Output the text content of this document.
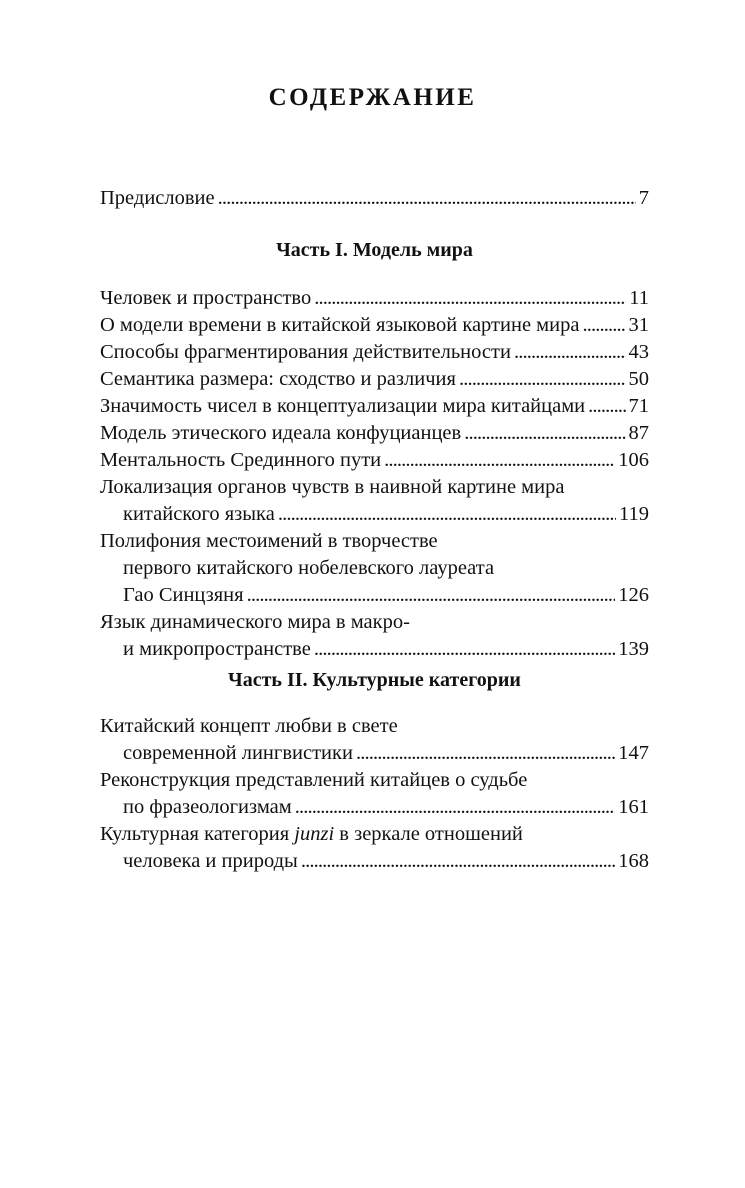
СОДЕРЖАНИЕ
Предисловие . . .	7
Часть I. Модель мира
Человек и пространство . . .	11
О модели времени в китайской языковой картине мира . . . 31
Способы фрагментирования действительности . . .	43
Семантика размера: сходство и различия . . .	50
Значимость чисел в концептуализации мира китайцами . . . 71
Модель этического идеала конфуцианцев . . .	87
Ментальность Срединного пути . . .	106
Локализация органов чувств в наивной картине мира
китайского языка . . .	119
Полифония местоимений в творчестве
первого китайского нобелевского лауреата
Гао Синцзяня . . .	126
Язык динамического мира в макро-
и микропространстве . . .	139
Часть II. Культурные категории
Китайский концепт любви в свете
современной лингвистики . . .	147
Реконструкция представлений китайцев о судьбе
по фразеологизмам . . .	161
Культурная категория junzi в зеркале отношений
человека и природы . . .	168
